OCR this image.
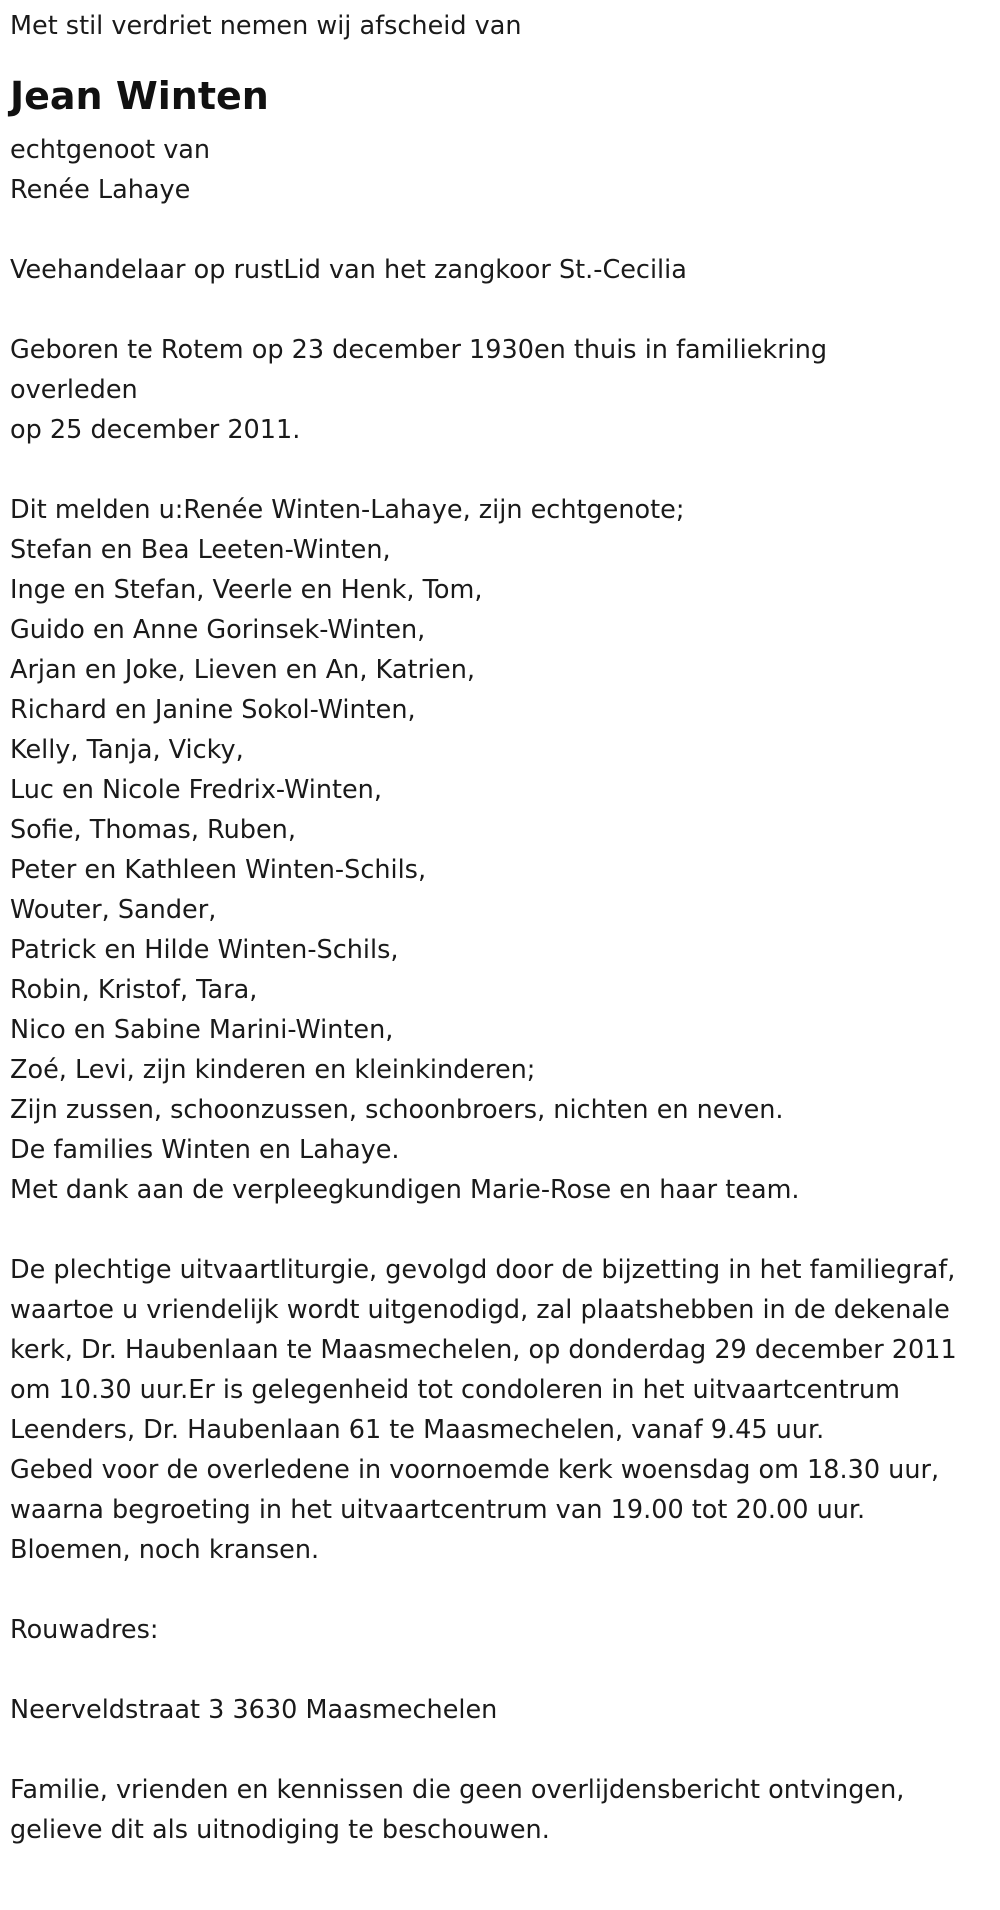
Met stil verdriet nemen wij afscheid van

Jean Winten

echtgenoot van

Renée Lahaye

Veehandelaar op rustLid van het zangkoor St.-Cecilia

Geboren te Rotem op 23 december 1930en thuis in familiekring

overleden

op 25 december 2011.

Dit melden u:Renée Winten-Lahaye, zijn echtgenote;

Stefan en Bea Leeten-Winten,

Inge en Stefan, Veerle en Henk, Tom,

Guido en Anne Gorinsek-Winten,

Arjan en Joke, Lieven en An, Katrien,

Richard en Janine Sokol-Winten,

Kelly, Tanja, Vicky,

Luc en Nicole Fredrix-Winten,

Sofie, Thomas, Ruben,

Peter en Kathleen Winten-Schils,

Wouter, Sander,

Patrick en Hilde Winten-Schils,

Robin, Kristof, Tara,

Nico en Sabine Marini-Winten,

Zoé, Levi, zijn kinderen en kleinkinderen;

Zijn zussen, schoonzussen, schoonbroers, nichten en neven.

De families Winten en Lahaye.

Met dank aan de verpleegkundigen Marie-Rose en haar team.

De plechtige uitvaartliturgie, gevolgd door de bijzetting in het familiegraf, waartoe u vriendelijk wordt uitgenodigd, zal plaatshebben in de dekenale kerk, Dr. Haubenlaan te Maasmechelen, op donderdag 29 december 2011 om 10.30 uur.Er is gelegenheid tot condoleren in het uitvaartcentrum Leenders, Dr. Haubenlaan 61 te Maasmechelen, vanaf 9.45 uur.

Gebed voor de overledene in voornoemde kerk woensdag om 18.30 uur, waarna begroeting in het uitvaartcentrum van 19.00 tot 20.00 uur.

Bloemen, noch kransen.

Rouwadres:

Neerveldstraat 3 3630 Maasmechelen

Familie, vrienden en kennissen die geen overlijdensbericht ontvingen, gelieve dit als uitnodiging te beschouwen.
